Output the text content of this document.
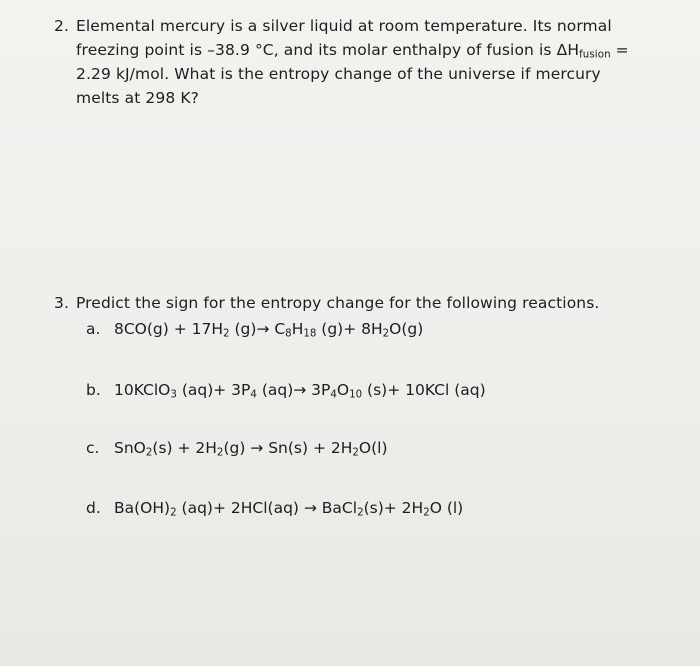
2. Elemental mercury is a silver liquid at room temperature. Its normal
freezing point is –38.9 °C, and its molar enthalpy of fusion is $\Delta H_{fusion}$ =
2.29 kJ/mol. What is the entropy change of the universe if mercury
melts at 298 K?
3. Predict the sign for the entropy change for the following reactions.
a. $8CO(g) + 17H_2$ $(g)\to C_8H_{18}$ $(g)+ 8H_2O(g)$
b. 10KClO$_3$ $(aq)+ 3P_4$ $(aq)\to 3P_4O_{10}$ (s)+ 10KCl (aq)
c. $SnO_2(s) + 2H_2(g) \to Sn(s) + 2H_2O(l)$
d. $Ba(OH)_2$ (aq)+ 2HCl(aq) → BaCl$_2$(s)+ $2H_2O$ (l)
